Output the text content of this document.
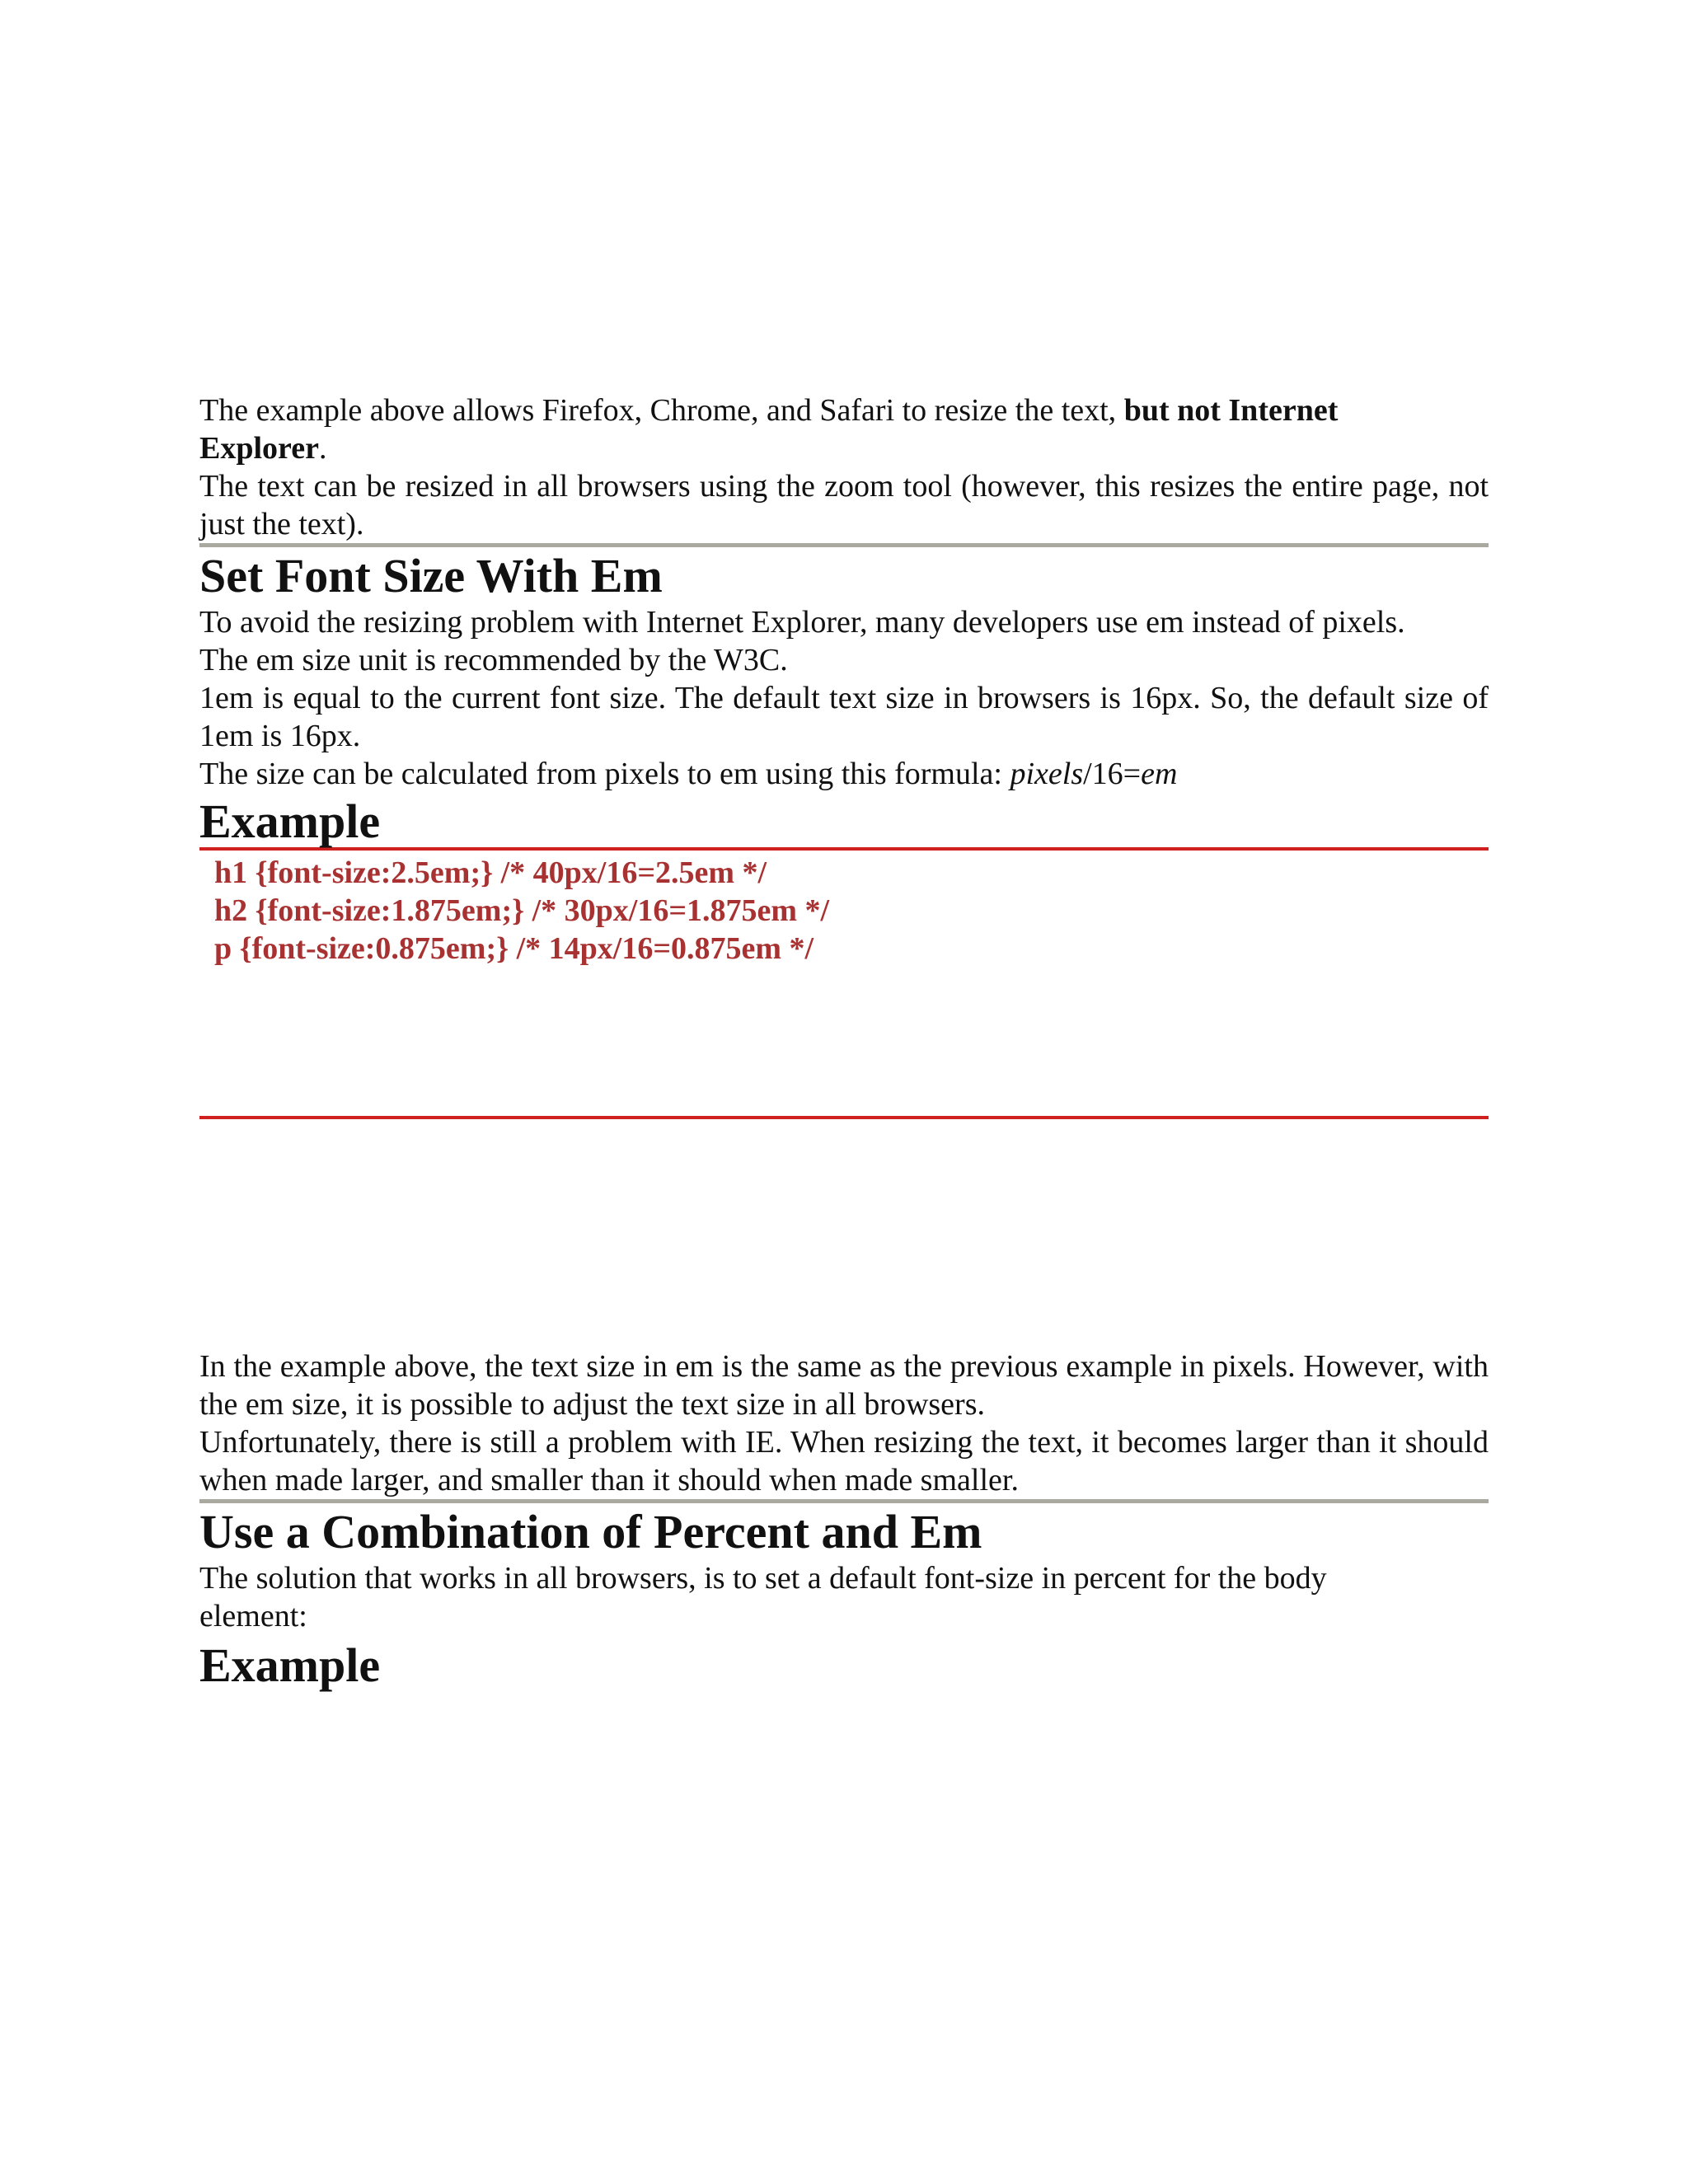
The example above allows Firefox, Chrome, and Safari to resize the text, but not Internet Explorer.

The text can be resized in all browsers using the zoom tool (however, this resizes the entire page, not just the text).

Set Font Size With Em

To avoid the resizing problem with Internet Explorer, many developers use em instead of pixels. The em size unit is recommended by the W3C.

1em is equal to the current font size. The default text size in browsers is 16px. So, the default size of 1em is 16px.

The size can be calculated from pixels to em using this formula: pixels/16=em

Example
h1 {font-size:2.5em;} /* 40px/16=2.5em */
h2 {font-size:1.875em;} /* 30px/16=1.875em */
p {font-size:0.875em;} /* 14px/16=0.875em */

In the example above, the text size in em is the same as the previous example in pixels. However, with the em size, it is possible to adjust the text size in all browsers.

Unfortunately, there is still a problem with IE. When resizing the text, it becomes larger than it should when made larger, and smaller than it should when made smaller.

Use a Combination of Percent and Em

The solution that works in all browsers, is to set a default font-size in percent for the body element:

Example
